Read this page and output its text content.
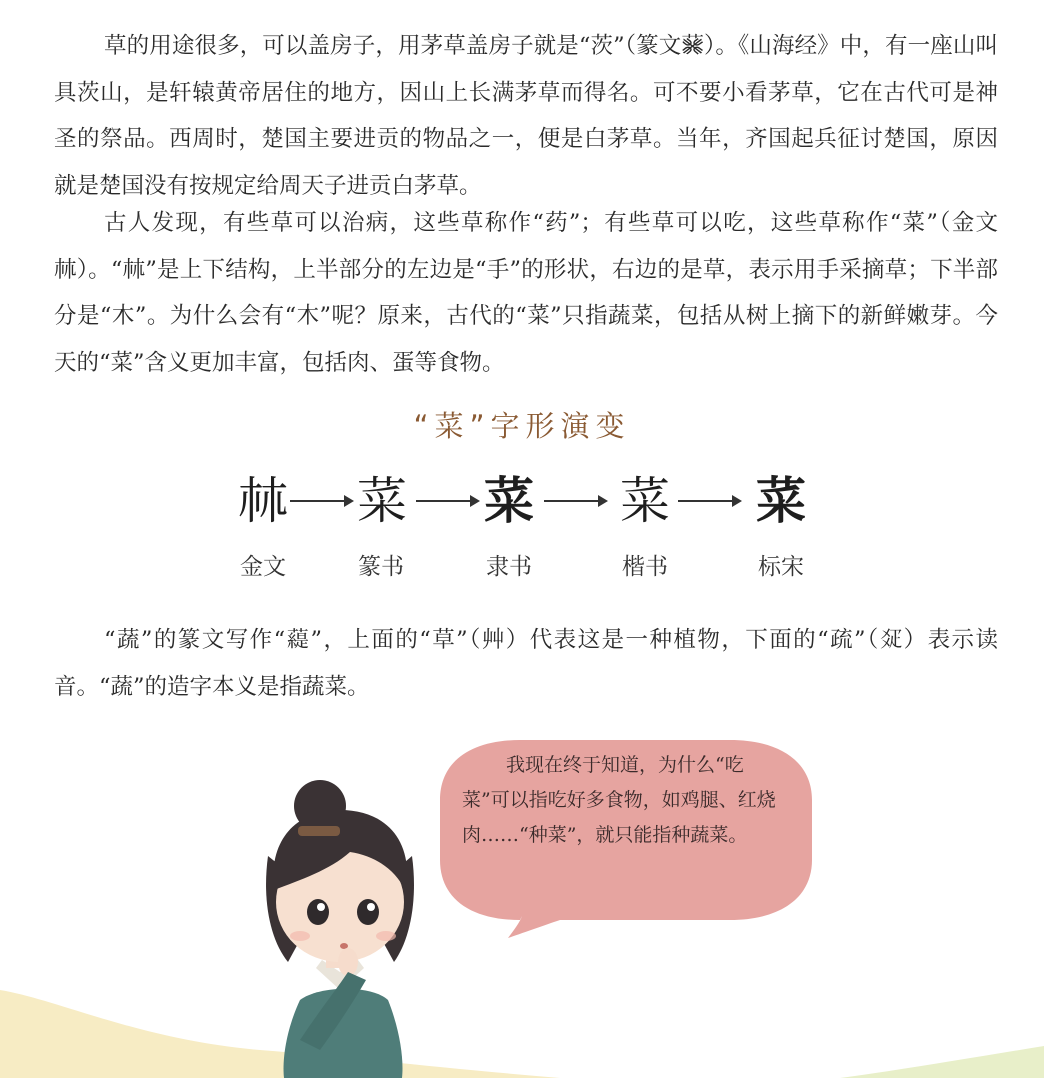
草的用途很多，可以盖房子，用茅草盖房子就是“茨”（篆文𦮙）。《山海经》中，有一座山叫具茨山，是轩辕黄帝居住的地方，因山上长满茅草而得名。可不要小看茅草，它在古代可是神圣的祭品。西周时，楚国主要进贡的物品之一，便是白茅草。当年，齐国起兵征讨楚国，原因就是楚国没有按规定给周天子进贡白茅草。

古人发现，有些草可以治病，这些草称作“药”；有些草可以吃，这些草称作“菜”（金文𣏟）。“𣏟”是上下结构，上半部分的左边是“手”的形状，右边的是草，表示用手采摘草；下半部分是“木”。为什么会有“木”呢？原来，古代的“菜”只指蔬菜，包括从树上摘下的新鲜嫩芽。今天的“菜”含义更加丰富，包括肉、蛋等食物。

“菜”字形演变
𣏟
金文
菜
篆书
菜
隶书
菜
楷书
菜
标宋

“蔬”的篆文写作“𧀠”，上面的“草”（艸）代表这是一种植物，下面的“疏”（𤕟）表示读音。“蔬”的造字本义是指蔬菜。

我现在终于知道，为什么“吃菜”可以指吃好多食物，如鸡腿、红烧肉……“种菜”，就只能指种蔬菜。
